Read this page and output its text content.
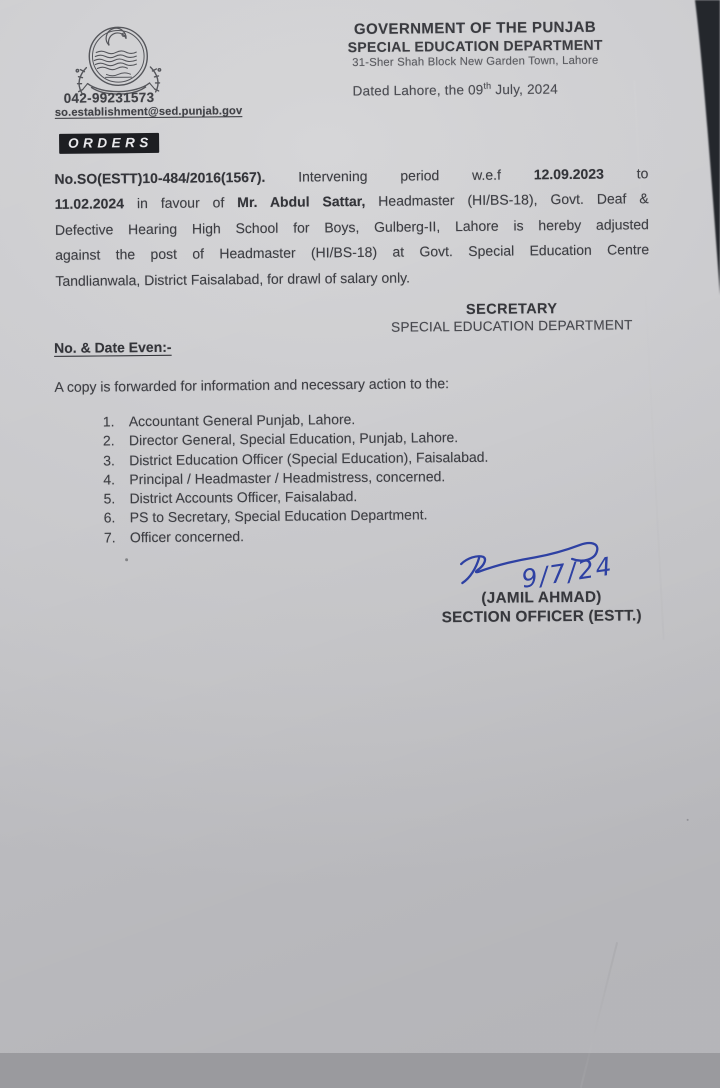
GOVERNMENT OF THE PUNJAB
SPECIAL EDUCATION DEPARTMENT
31-Sher Shah Block New Garden Town, Lahore
Dated Lahore, the 09th July, 2024
042-99231573
so.establishment@sed.punjab.gov
ORDERS
No.SO(ESTT)10-484/2016(1567). Intervening period w.e.f 12.09.2023 to
11.02.2024 in favour of Mr. Abdul Sattar, Headmaster (HI/BS-18), Govt. Deaf &
Defective Hearing High School for Boys, Gulberg-II, Lahore is hereby adjusted
against the post of Headmaster (HI/BS-18) at Govt. Special Education Centre
Tandlianwala, District Faisalabad, for drawl of salary only.
SECRETARY
SPECIAL EDUCATION DEPARTMENT
No. & Date Even:-
A copy is forwarded for information and necessary action to the:
1. Accountant General Punjab, Lahore.
2. Director General, Special Education, Punjab, Lahore.
3. District Education Officer (Special Education), Faisalabad.
4. Principal / Headmaster / Headmistress, concerned.
5. District Accounts Officer, Faisalabad.
6. PS to Secretary, Special Education Department.
7. Officer concerned.
9/7/24
(JAMIL AHMAD)
SECTION OFFICER (ESTT.)
